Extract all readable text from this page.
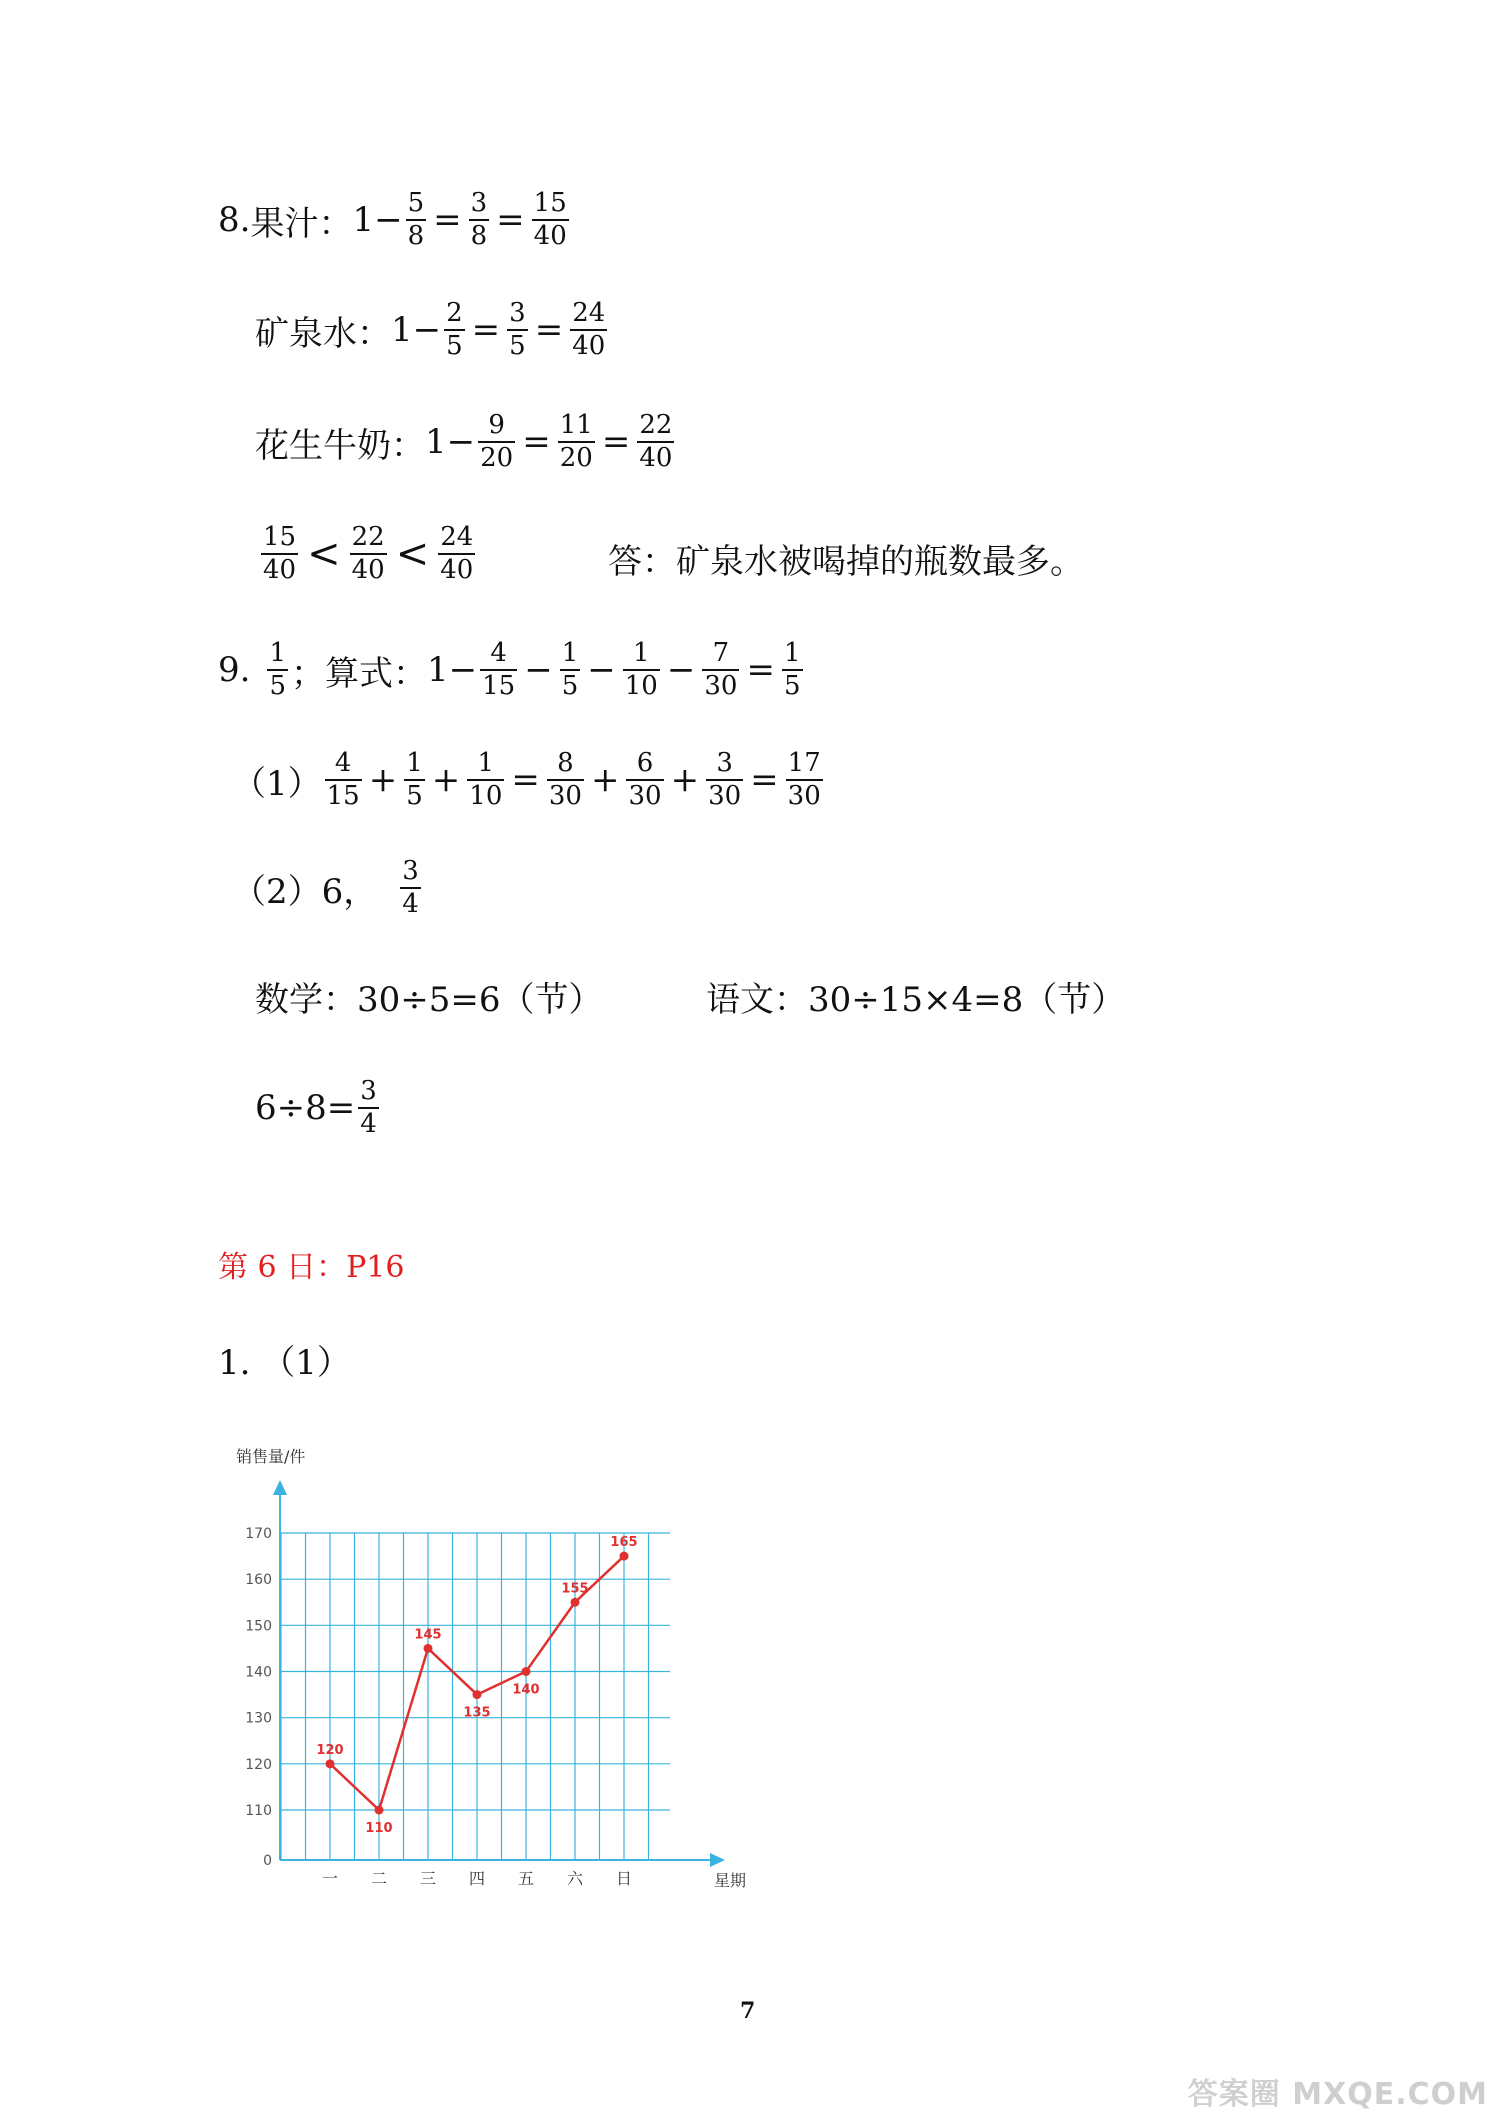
8. 果汁： $1- \frac{5}{8} = \frac{3}{8} = \frac{15}{40}$
矿泉水： $1- \frac{2}{5} = \frac{3}{5} = \frac{24}{40}$
花生牛奶： $1- \frac{9}{20} = \frac{11}{20} = \frac{22}{40}$
$\frac{15}{40} < \frac{22}{40} < \frac{24}{40}$	答：矿泉水被喝掉的瓶数最多。
9. $\frac{1}{5}$ ；算式： $1- \frac{4}{15} - \frac{1}{5} - \frac{1}{10} - \frac{7}{30} = \frac{1}{5}$
$(1) \frac{4}{15} + \frac{1}{5} + \frac{1}{10} = \frac{8}{30} + \frac{6}{30} + \frac{3}{30} = \frac{17}{30}$
（2）6， $\frac{3}{4}$
数学：30÷5=6（节）	语文：30÷15×4=8（节）
$6\div 8= \frac{3}{4}$
第 6 日：P16
1. （1）
销售量/件
星期
0
110
120
130
140
150
160
170
一 二 三 四 五 六 日
120
110
145
135
140
155
165
7
答案圈 MXQE.COM
